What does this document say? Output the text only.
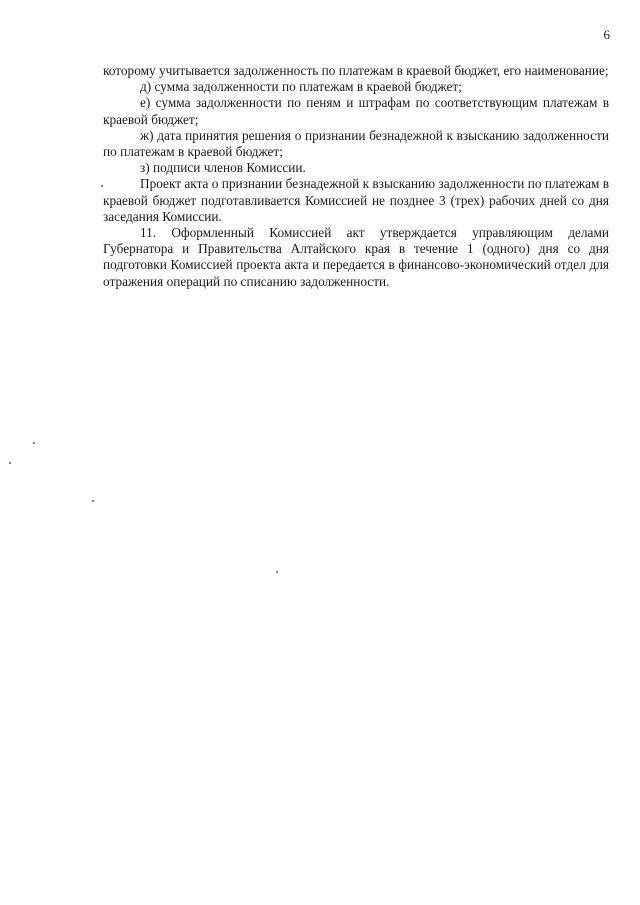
6

которому учитывается задолженность по платежам в краевой бюджет, его наименование;

д) сумма задолженности по платежам в краевой бюджет;

е) сумма задолженности по пеням и штрафам по соответствующим платежам в краевой бюджет;

ж) дата принятия решения о признании безнадежной к взысканию задолженности по платежам в краевой бюджет;

з) подписи членов Комиссии.

Проект акта о признании безнадежной к взысканию задолженности по платежам в краевой бюджет подготавливается Комиссией не позднее 3 (трех) рабочих дней со дня заседания Комиссии.

11. Оформленный Комиссией акт утверждается управляющим делами Губернатора и Правительства Алтайского края в течение 1 (одного) дня со дня подготовки Комиссией проекта акта и передается в финансово-экономический отдел для отражения операций по списанию задолженности.
